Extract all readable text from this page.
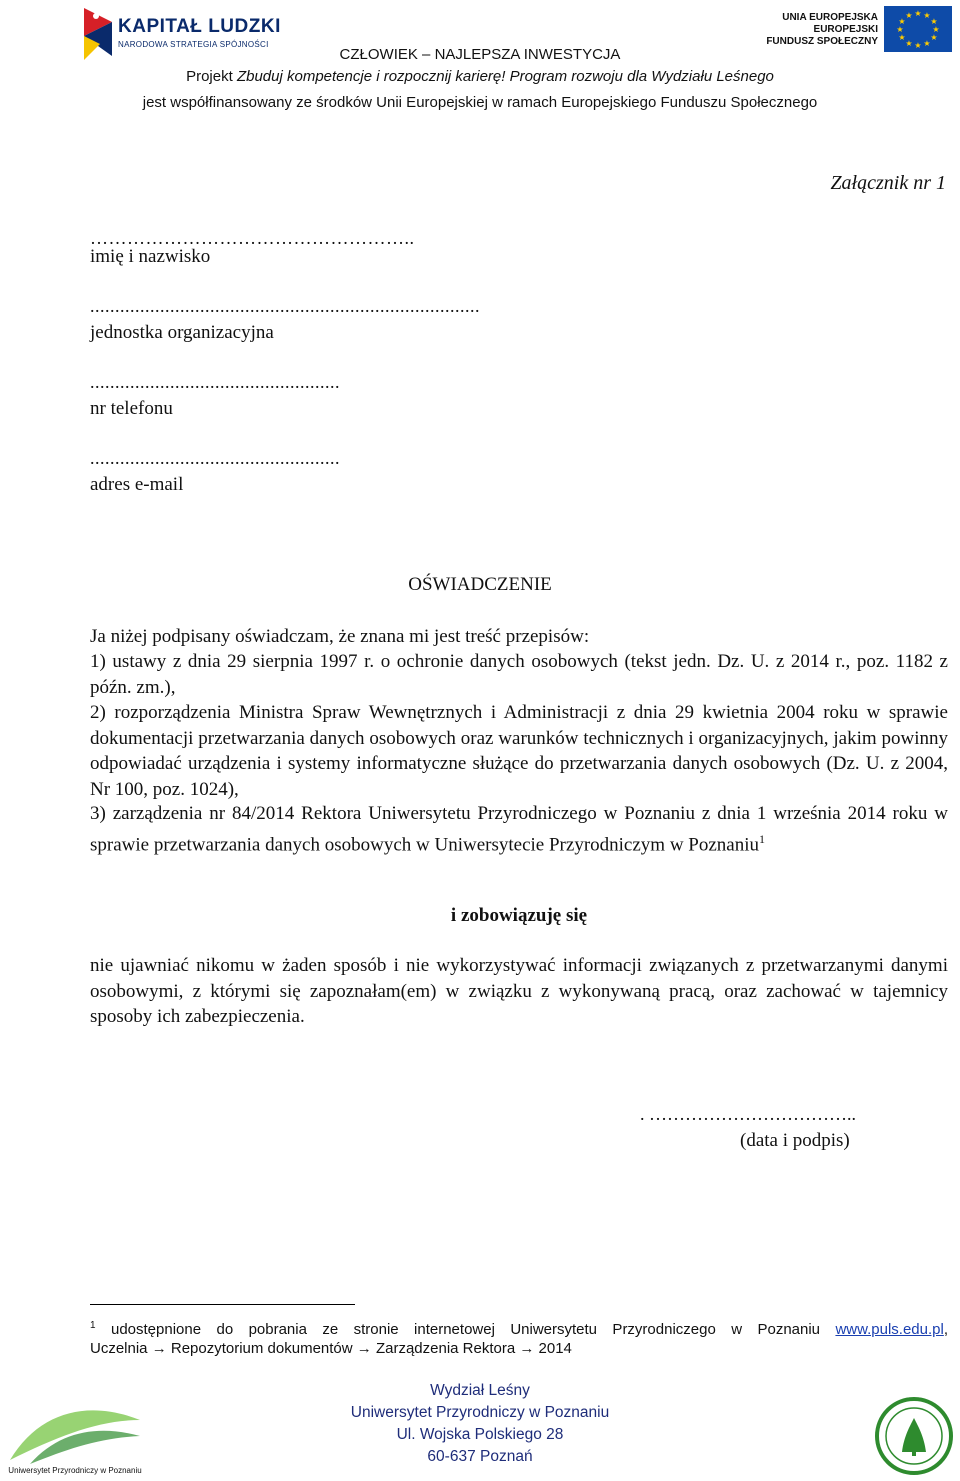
KAPITAŁ LUDZKI
NARODOWA STRATEGIA SPÓJNOŚCI
UNIA EUROPEJSKA
EUROPEJSKI
FUNDUSZ SPOŁECZNY
★ ★
★
★
★
★
★
★
★
★
★
★
CZŁOWIEK – NAJLEPSZA INWESTYCJA
Projekt Zbuduj kompetencje i rozpocznij karierę! Program rozwoju dla Wydziału Leśnego
jest współfinansowany ze środków Unii Europejskiej w ramach Europejskiego Funduszu Społecznego
Załącznik nr 1
……………………………………………..
imię i nazwisko
..............................................................................
jednostka organizacyjna
..................................................
nr telefonu
..................................................
adres e-mail
OŚWIADCZENIE
Ja niżej podpisany oświadczam, że znana mi jest treść przepisów:
1) ustawy z dnia 29 sierpnia 1997 r. o ochronie danych osobowych (tekst jedn. Dz. U. z 2014 r., poz. 1182 z późn. zm.),
2) rozporządzenia Ministra Spraw Wewnętrznych i Administracji z dnia 29 kwietnia 2004 roku w sprawie dokumentacji przetwarzania danych osobowych oraz warunków technicznych i organizacyjnych, jakim powinny odpowiadać urządzenia i systemy informatyczne służące do przetwarzania danych osobowych (Dz. U. z 2004, Nr 100, poz. 1024),
3) zarządzenia nr 84/2014 Rektora Uniwersytetu Przyrodniczego w Poznaniu z dnia 1 września 2014 roku w sprawie przetwarzania danych osobowych w Uniwersytecie Przyrodniczym w Poznaniu$^1$
i zobowiązuję się
nie ujawniać nikomu w żaden sposób i nie wykorzystywać informacji związanych z przetwarzanymi danymi osobowymi, z którymi się zapoznałam(em) w związku z wykonywaną pracą, oraz zachować w tajemnicy sposoby ich zabezpieczenia.
. ……………………………..
(data i podpis)
$^1$ udostępnione do pobrania ze stronie internetowej Uniwersytetu Przyrodniczego w Poznaniu www.puls.edu.pl,
Uczelnia → Repozytorium dokumentów → Zarządzenia Rektora → 2014
Uniwersytet Przyrodniczy w Poznaniu
Wydział Leśny
Uniwersytet Przyrodniczy w Poznaniu
Ul. Wojska Polskiego 28
60-637 Poznań
